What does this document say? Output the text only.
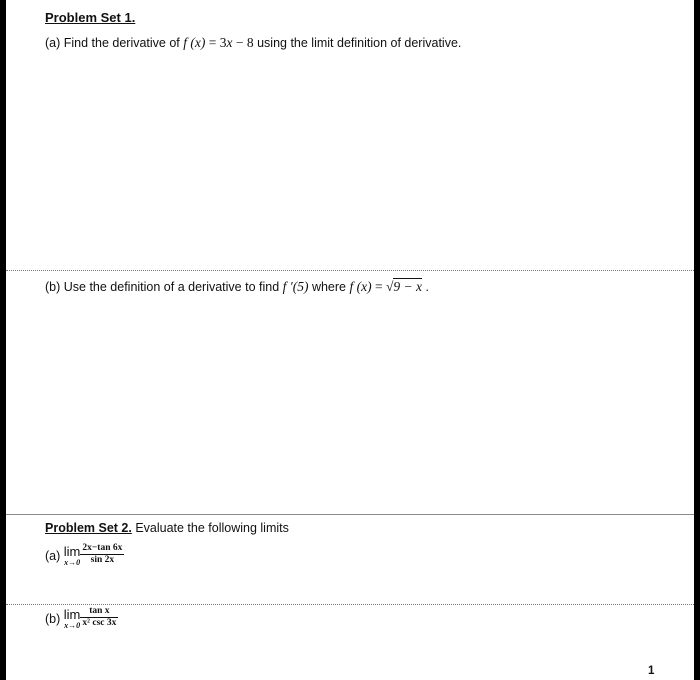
Problem Set 1.
(a) Find the derivative of f (x) = 3x − 8 using the limit definition of derivative.
(b) Use the definition of a derivative to find f ′(5) where f (x) = √9 − x .
Problem Set 2. Evaluate the following limits
(a) lim
$x\to 0 \frac{2x-\tan 6x}{\sin 2x}$
(b) lim
$x\to 0 \frac{\text{tan x}}{\text{x² csc 3x}}$
1
